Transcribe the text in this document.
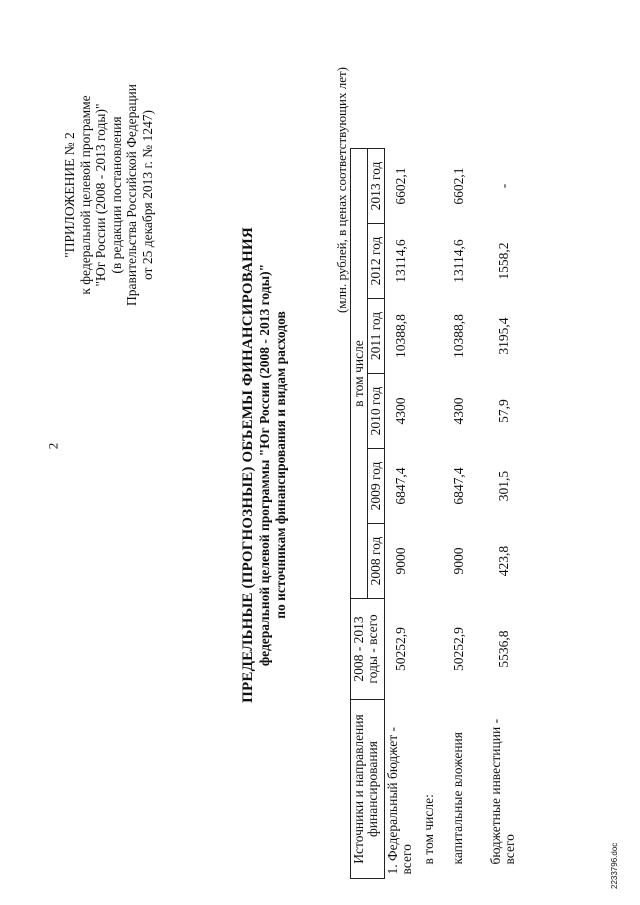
2
"ПРИЛОЖЕНИЕ № 2 к федеральной целевой программе "Юг России (2008 - 2013 годы)" (в редакции постановления Правительства Российской Федерации от 25 декабря 2013 г. № 1247)
ПРЕДЕЛЬНЫЕ (ПРОГНОЗНЫЕ) ОБЪЕМЫ ФИНАНСИРОВАНИЯ федеральной целевой программы "Юг России (2008 - 2013 годы)" по источникам финансирования и видам расходов
(млн. рублей, в ценах соответствующих лет)
Источники и направления финансирования	2008 - 2013 годы - всего	в том числе					
		2008 год	2009 год	2010 год	2011 год	2012 год	2013 год
1. Федеральный бюджет - всего	50252,9	9000	6847,4	4300	10388,8	13114,6	6602,1

в том числе:							
капитальные вложения	50252,9	9000	6847,4	4300	10388,8	13114,6	6602,1

бюджетные инвестиции - всего	5536,8	423,8	301,5	57,9	3195,4	1558,2	-
2233796.doc
